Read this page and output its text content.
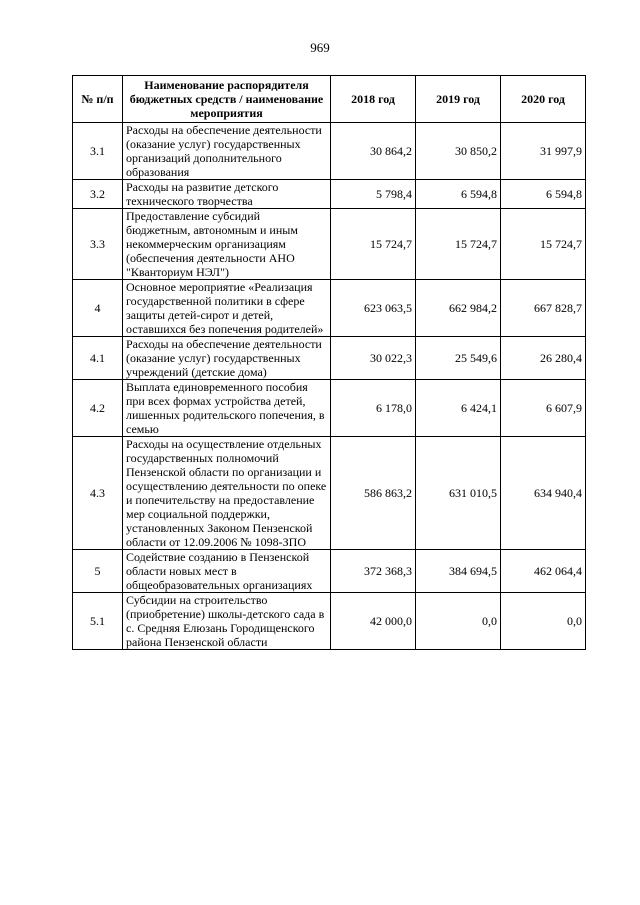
969
№ п/п	Наименование распорядителя бюджетных средств / наименование мероприятия	2018 год	2019 год	2020 год
3.1	Расходы на обеспечение деятельности (оказание услуг) государственных организаций дополнительного образования	30 864,2	30 850,2	31 997,9
3.2	Расходы на развитие детского технического творчества	5 798,4	6 594,8	6 594,8
3.3	Предоставление субсидий бюджетным, автономным и иным некоммерческим организациям (обеспечения деятельности АНО "Кванториум НЭЛ")	15 724,7	15 724,7	15 724,7
4	Основное мероприятие «Реализация государственной политики в сфере защиты детей-сирот и детей, оставшихся без попечения родителей»	623 063,5	662 984,2	667 828,7
4.1	Расходы на обеспечение деятельности (оказание услуг) государственных учреждений (детские дома)	30 022,3	25 549,6	26 280,4
4.2	Выплата единовременного пособия при всех формах устройства детей, лишенных родительского попечения, в семью	6 178,0	6 424,1	6 607,9
4.3	Расходы на осуществление отдельных государственных полномочий Пензенской области по организации и осуществлению деятельности по опеке и попечительству на предоставление мер социальной поддержки, установленных Законом Пензенской области от 12.09.2006 № 1098-ЗПО	586 863,2	631 010,5	634 940,4
5	Содействие созданию в Пензенской области новых мест в общеобразовательных организациях	372 368,3	384 694,5	462 064,4
5.1	Субсидии на строительство (приобретение) школы-детского сада в с. Средняя Елюзань Городищенского района Пензенской области	42 000,0	0,0	0,0
